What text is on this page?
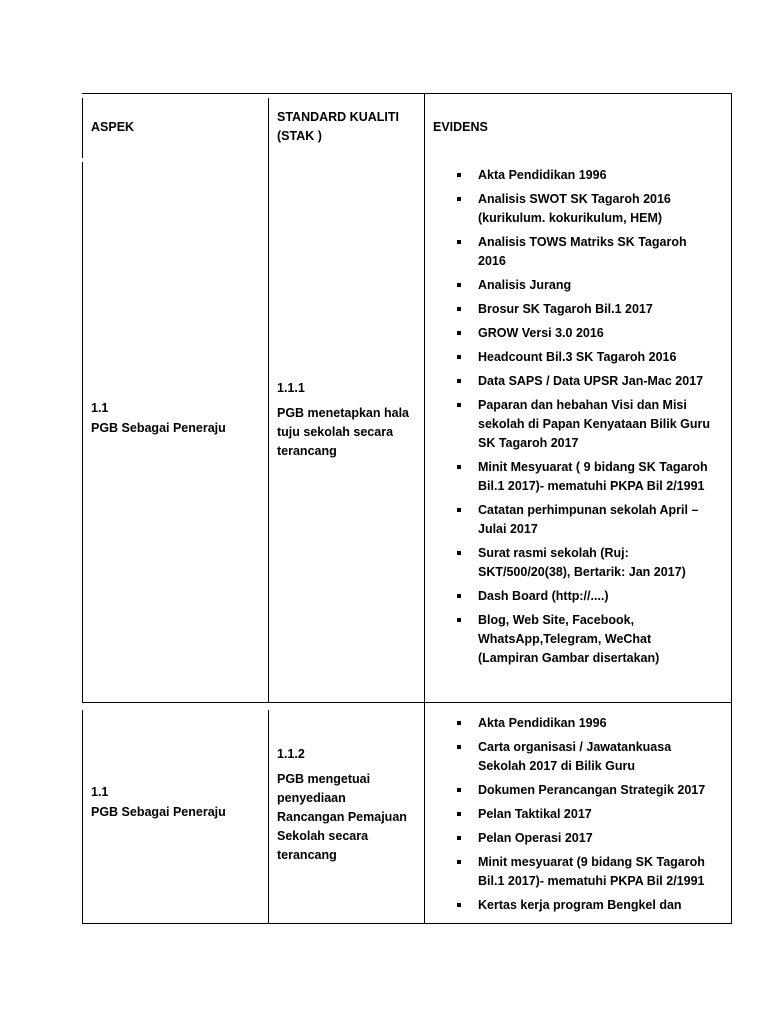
ASPEK
STANDARD KUALITI
(STAK )
EVIDENS
1.1
PGB Sebagai Peneraju
1.1.1
PGB menetapkan hala
tuju sekolah secara
terancang
Akta Pendidikan 1996
Analisis SWOT SK Tagaroh 2016
(kurikulum. kokurikulum, HEM)
Analisis TOWS Matriks SK Tagaroh
2016
Analisis Jurang
Brosur SK Tagaroh Bil.1 2017
GROW Versi 3.0 2016
Headcount Bil.3 SK Tagaroh 2016
Data SAPS / Data UPSR Jan-Mac 2017
Paparan dan hebahan Visi dan Misi
sekolah di Papan Kenyataan Bilik Guru
SK Tagaroh 2017
Minit Mesyuarat ( 9 bidang SK Tagaroh
Bil.1 2017)- mematuhi PKPA Bil 2/1991
Catatan perhimpunan sekolah April –
Julai 2017
Surat rasmi sekolah (Ruj:
SKT/500/20(38), Bertarik: Jan 2017)
Dash Board (http://....)
Blog, Web Site, Facebook,
WhatsApp,Telegram, WeChat
(Lampiran Gambar disertakan)
1.1
PGB Sebagai Peneraju
1.1.2
PGB mengetuai
penyediaan
Rancangan Pemajuan
Sekolah secara
terancang
Akta Pendidikan 1996
Carta organisasi / Jawatankuasa
Sekolah 2017 di Bilik Guru
Dokumen Perancangan Strategik 2017
Pelan Taktikal 2017
Pelan Operasi 2017
Minit mesyuarat (9 bidang SK Tagaroh
Bil.1 2017)- mematuhi PKPA Bil 2/1991
Kertas kerja program Bengkel dan
